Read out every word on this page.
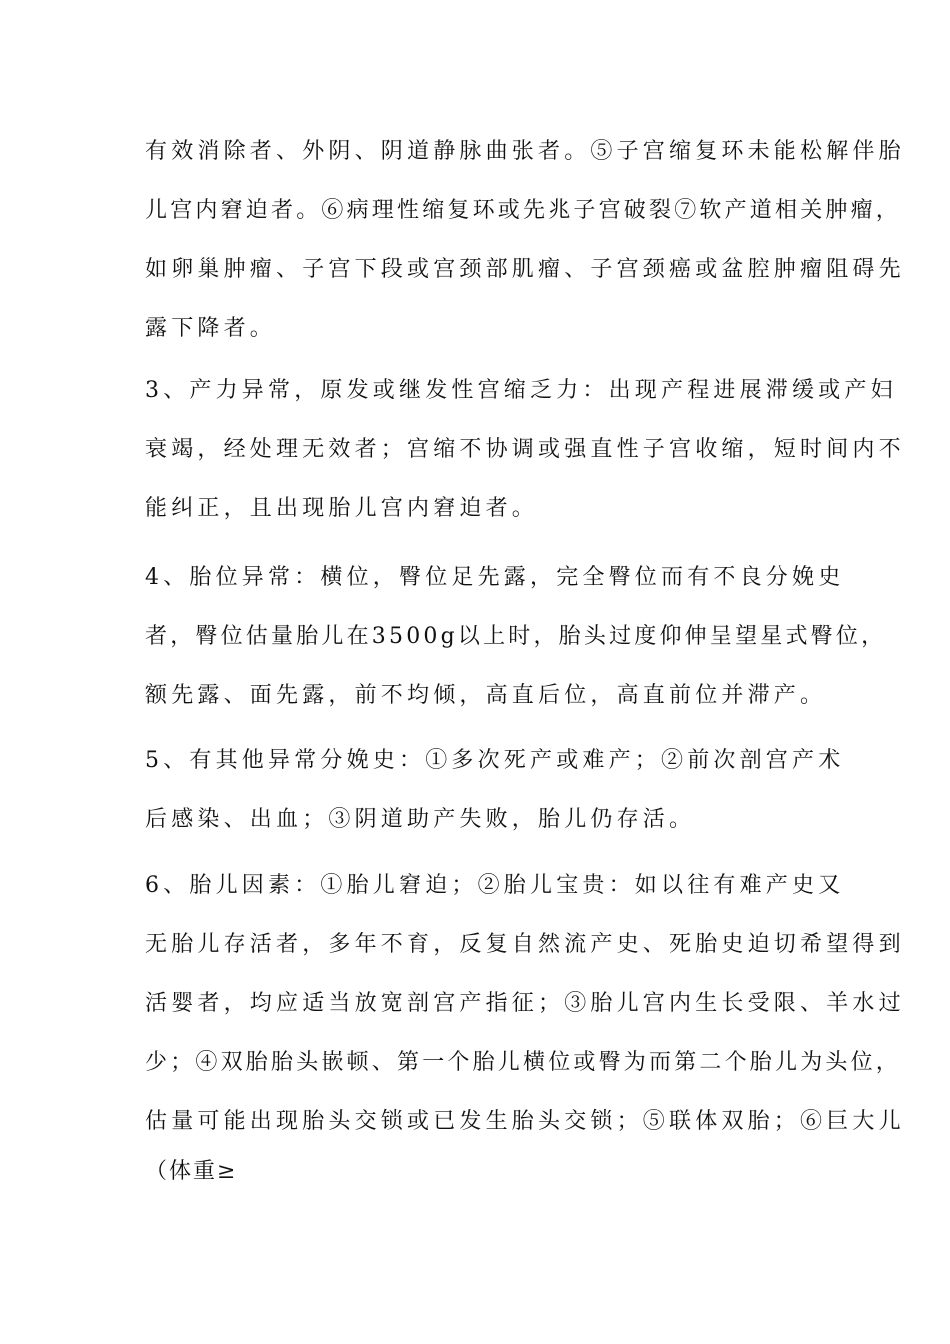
有效消除者、外阴、阴道静脉曲张者。⑤子宫缩复环未能松解伴胎
儿宫内窘迫者。⑥病理性缩复环或先兆子宫破裂⑦软产道相关肿瘤，
如卵巢肿瘤、子宫下段或宫颈部肌瘤、子宫颈癌或盆腔肿瘤阻碍先
露下降者。
3、产力异常，原发或继发性宫缩乏力：出现产程进展滞缓或产妇
衰竭，经处理无效者；宫缩不协调或强直性子宫收缩，短时间内不
能纠正，且出现胎儿宫内窘迫者。
4、胎位异常：横位，臀位足先露，完全臀位而有不良分娩史
者，臀位估量胎儿在3500g以上时，胎头过度仰伸呈望星式臀位，
额先露、面先露，前不均倾，高直后位，高直前位并滞产。
5、有其他异常分娩史：①多次死产或难产；②前次剖宫产术
后感染、出血；③阴道助产失败，胎儿仍存活。
6、胎儿因素：①胎儿窘迫；②胎儿宝贵：如以往有难产史又
无胎儿存活者，多年不育，反复自然流产史、死胎史迫切希望得到
活婴者，均应适当放宽剖宫产指征；③胎儿宫内生长受限、羊水过
少；④双胎胎头嵌顿、第一个胎儿横位或臀为而第二个胎儿为头位，
估量可能出现胎头交锁或已发生胎头交锁；⑤联体双胎；⑥巨大儿
（体重≥
